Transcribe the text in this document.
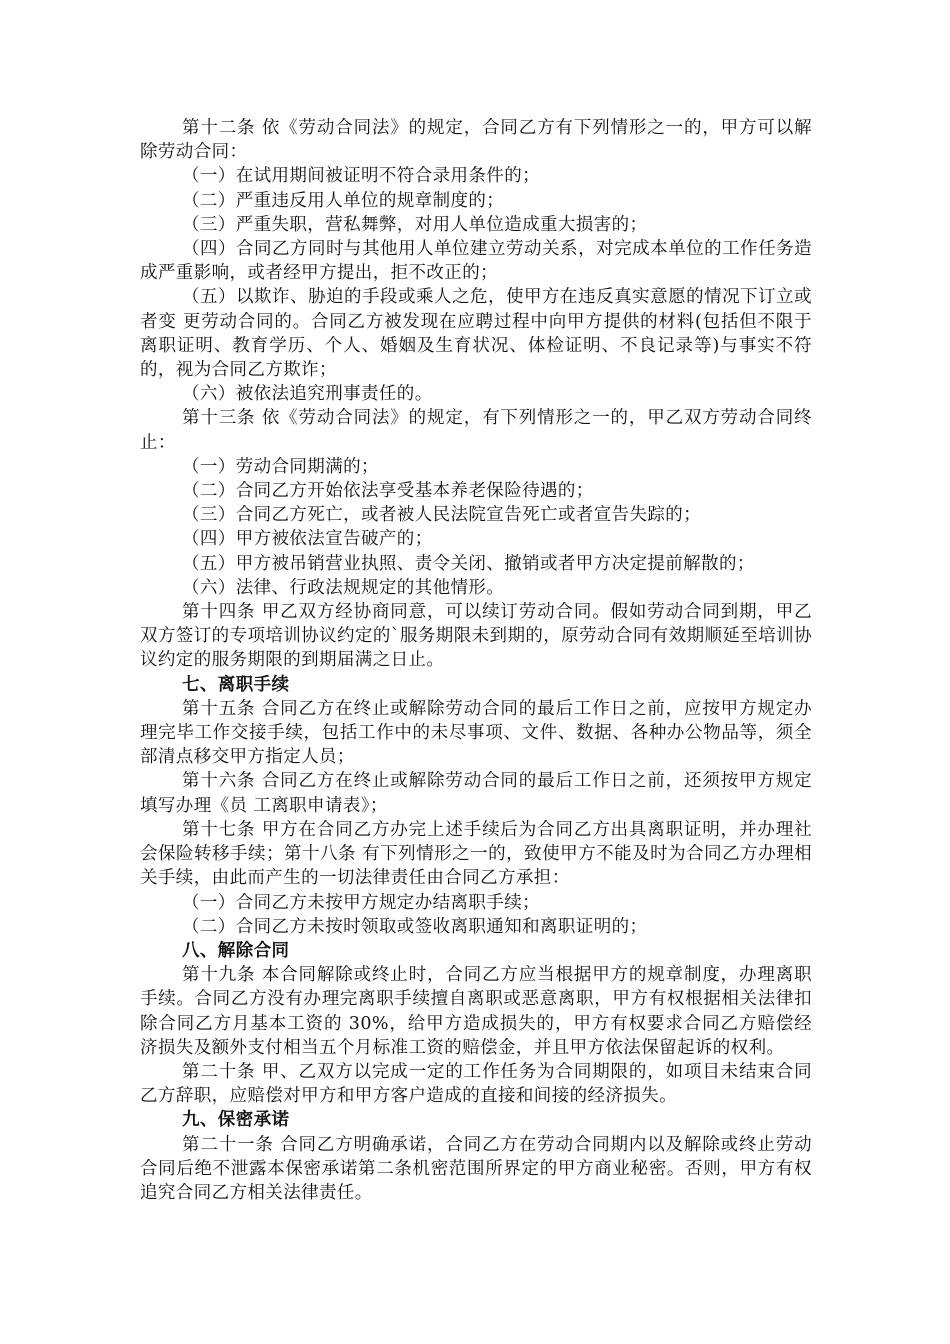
第十二条 依《劳动合同法》的规定，合同乙方有下列情形之一的，甲方可以解除劳动合同：

（一）在试用期间被证明不符合录用条件的；

（二）严重违反用人单位的规章制度的；

（三）严重失职，营私舞弊，对用人单位造成重大损害的；

（四）合同乙方同时与其他用人单位建立劳动关系，对完成本单位的工作任务造成严重影响，或者经甲方提出，拒不改正的；

（五）以欺诈、胁迫的手段或乘人之危，使甲方在违反真实意愿的情况下订立或者变 更劳动合同的。合同乙方被发现在应聘过程中向甲方提供的材料(包括但不限于离职证明、教育学历、个人、婚姻及生育状况、体检证明、不良记录等)与事实不符的，视为合同乙方欺诈；

（六）被依法追究刑事责任的。

第十三条 依《劳动合同法》的规定，有下列情形之一的，甲乙双方劳动合同终止：

（一）劳动合同期满的；

（二）合同乙方开始依法享受基本养老保险待遇的；

（三）合同乙方死亡，或者被人民法院宣告死亡或者宣告失踪的；

（四）甲方被依法宣告破产的；

（五）甲方被吊销营业执照、责令关闭、撤销或者甲方决定提前解散的；

（六）法律、行政法规规定的其他情形。

第十四条 甲乙双方经协商同意，可以续订劳动合同。假如劳动合同到期，甲乙双方签订的专项培训协议约定的`服务期限未到期的，原劳动合同有效期顺延至培训协议约定的服务期限的到期届满之日止。

七、离职手续

第十五条 合同乙方在终止或解除劳动合同的最后工作日之前，应按甲方规定办理完毕工作交接手续，包括工作中的未尽事项、文件、数据、各种办公物品等，须全部清点移交甲方指定人员；

第十六条 合同乙方在终止或解除劳动合同的最后工作日之前，还须按甲方规定填写办理《员 工离职申请表》；

第十七条 甲方在合同乙方办完上述手续后为合同乙方出具离职证明，并办理社会保险转移手续；第十八条 有下列情形之一的，致使甲方不能及时为合同乙方办理相关手续，由此而产生的一切法律责任由合同乙方承担：

（一）合同乙方未按甲方规定办结离职手续；

（二）合同乙方未按时领取或签收离职通知和离职证明的；

八、解除合同

第十九条 本合同解除或终止时，合同乙方应当根据甲方的规章制度，办理离职手续。合同乙方没有办理完离职手续擅自离职或恶意离职，甲方有权根据相关法律扣除合同乙方月基本工资的 30%，给甲方造成损失的，甲方有权要求合同乙方赔偿经济损失及额外支付相当五个月标准工资的赔偿金，并且甲方依法保留起诉的权利。

第二十条 甲、乙双方以完成一定的工作任务为合同期限的，如项目未结束合同乙方辞职，应赔偿对甲方和甲方客户造成的直接和间接的经济损失。

九、保密承诺

第二十一条 合同乙方明确承诺，合同乙方在劳动合同期内以及解除或终止劳动合同后绝不泄露本保密承诺第二条机密范围所界定的甲方商业秘密。否则，甲方有权追究合同乙方相关法律责任。
